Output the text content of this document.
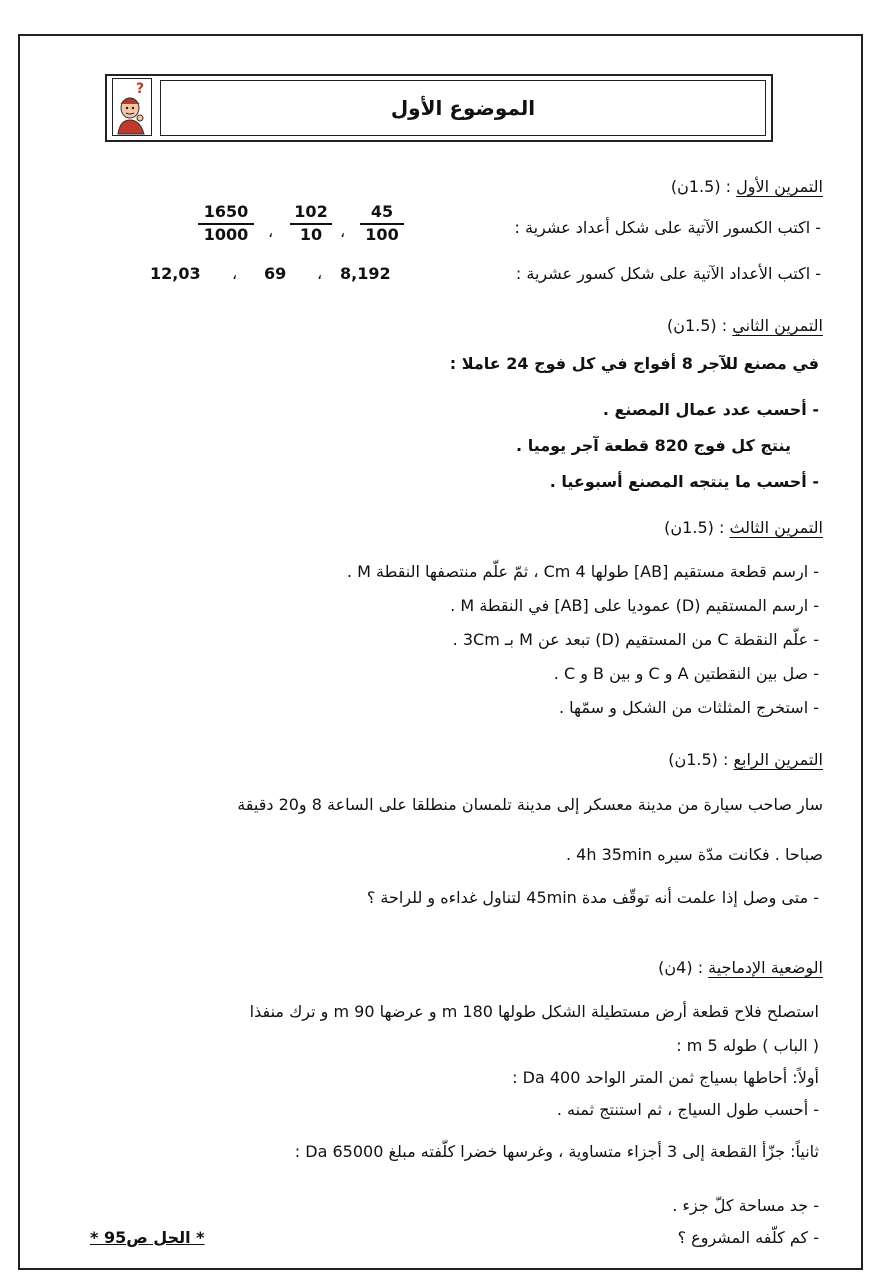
الموضوع الأول
?
التمرين الأول : (1.5ن)
- اكتب الكسور الآتية على شكل أعداد عشرية :
45
100
،
102
10
،
1650
1000
- اكتب الأعداد الآتية على شكل كسور عشرية :
8,192
،
69
،
12,03
التمرين الثاني : (1.5ن)
في مصنع للآجر 8 أفواج في كل فوج 24 عاملا :
- أحسب عدد عمال المصنع .
ينتج كل فوج 820 قطعة آجر يوميا .
- أحسب ما ينتجه المصنع أسبوعيا .
التمرين الثالث : (1.5ن)
- ارسم قطعة مستقيم [AB] طولها 4 Cm ، ثمّ علّم منتصفها النقطة M .
- ارسم المستقيم (D) عموديا على [AB] في النقطة M .
- علّم النقطة C من المستقيم (D) تبعد عن M بـ 3Cm .
- صل بين النقطتين A و C و بين B و C .
- استخرج المثلثات من الشكل و سمّها .
التمرين الرابع : (1.5ن)
سار صاحب سيارة من مدينة معسكر إلى مدينة تلمسان منطلقا على الساعة 8 و20 دقيقة
صباحا . فكانت مدّة سيره 4h 35min .
- متى وصل إذا علمت أنه توقّف مدة 45min لتناول غداءه و للراحة ؟
الوضعية الإدماجية : (4ن)
استصلح فلاح قطعة أرض مستطيلة الشكل طولها 180 m و عرضها 90 m و ترك منفذا
( الباب ) طوله 5 m :
أولاً: أحاطها بسياج ثمن المتر الواحد 400 Da :
- أحسب طول السياج ، ثم استنتج ثمنه .
ثانياً: جزّأ القطعة إلى 3 أجزاء متساوية ، وغرسها خضرا كلّفته مبلغ 65000 Da :
- جد مساحة كلّ جزء .
- كم كلّفه المشروع ؟
* الحل ص95 *
